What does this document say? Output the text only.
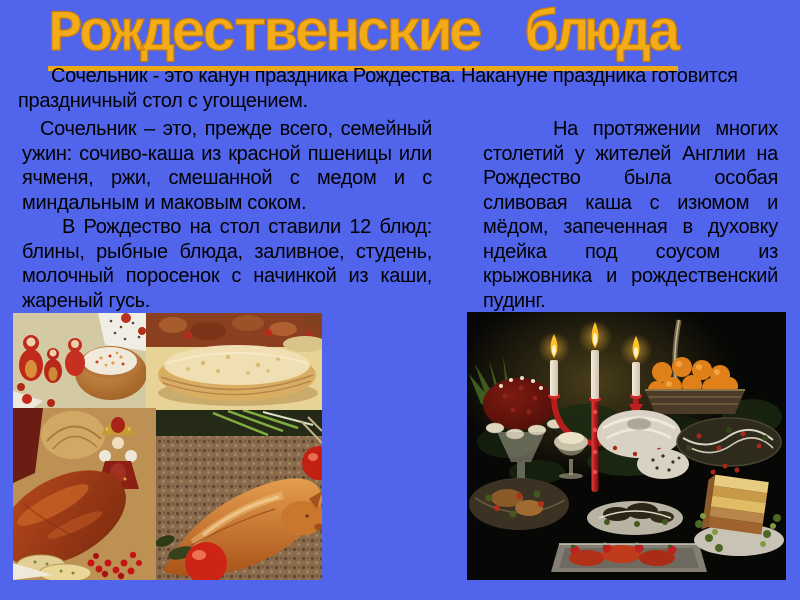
Рождественские блюда

Сочельник - это канун праздника Рождества. Накануне праздника готовится праздничный стол с угощением.

Сочельник – это, прежде всего, семейный ужин: сочиво-каша из красной пшеницы или ячменя, ржи, смешанной с медом и с миндальным и маковым соком.

В Рождество на стол ставили 12 блюд: блины, рыбные блюда, заливное, студень, молочный поросенок с начинкой из каши, жареный гусь.

На протяжении многих столетий у жителей Англии на Рождество была особая сливовая каша с изюмом и мёдом, запеченная в духовку ндейка под соусом из крыжовника и рождественский пудинг.
